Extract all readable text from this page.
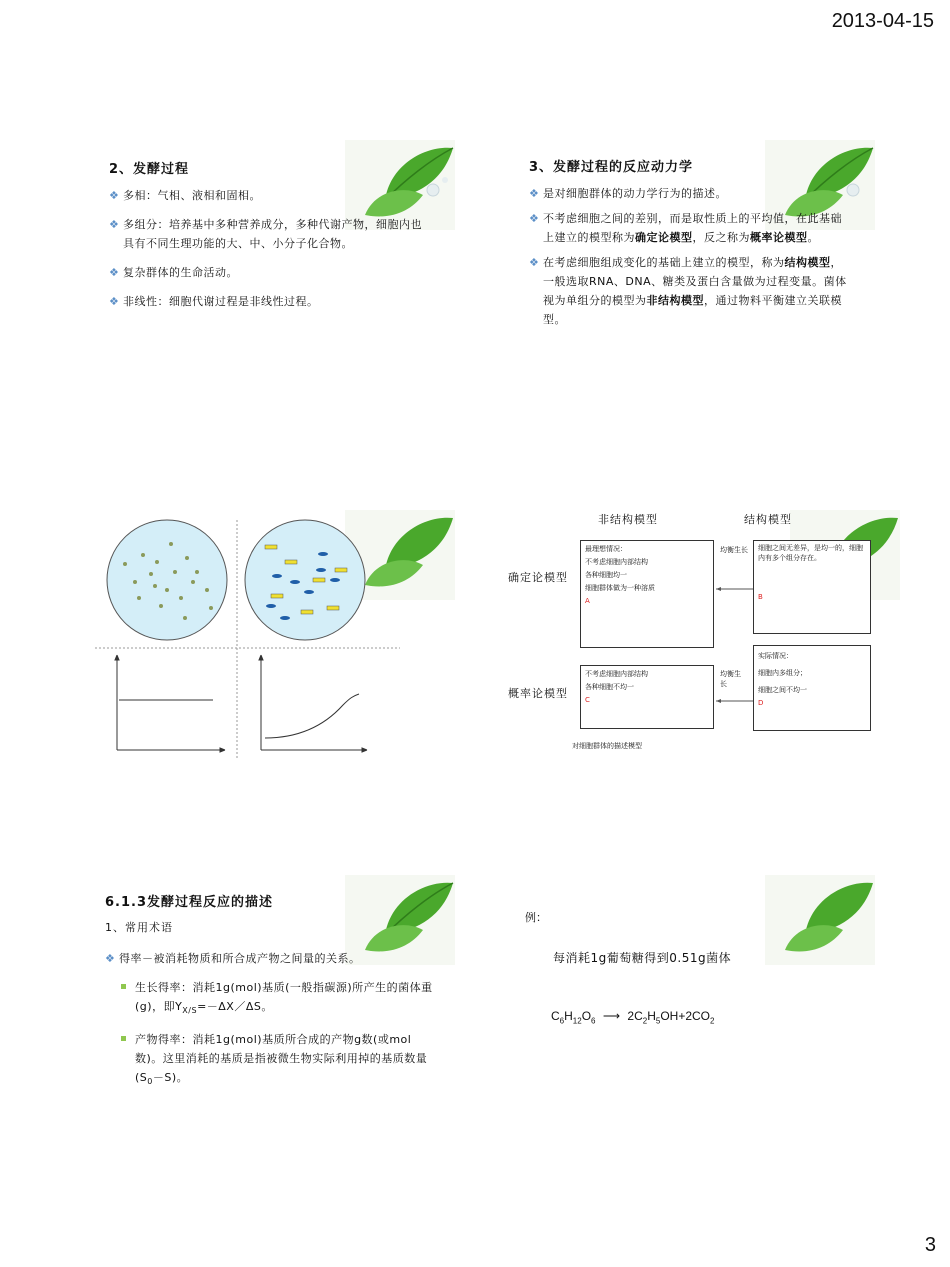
2013-04-15
3
2、发酵过程
❖ 多相：气相、液相和固相。
❖ 多组分：培养基中多种营养成分，多种代谢产物，细胞内也具有不同生理功能的大、中、小分子化合物。
❖ 复杂群体的生命活动。
❖ 非线性：细胞代谢过程是非线性过程。
3、发酵过程的反应动力学
❖ 是对细胞群体的动力学行为的描述。
❖ 不考虑细胞之间的差别，而是取性质上的平均值，在此基础上建立的模型称为确定论模型，反之称为概率论模型。
❖ 在考虑细胞组成变化的基础上建立的模型，称为结构模型，一般选取RNA、DNA、糖类及蛋白含量做为过程变量。菌体视为单组分的模型为非结构模型，通过物料平衡建立关联模型。
非结构模型	结构模型
确定论模型
概率论模型
最理想情况：
不考虑细胞内部结构
各种细胞均一
细胞群体做为一种溶质
A
细胞之间无差异，是均一的，细胞内有多个组分存在。
B
不考虑细胞内部结构
各种细胞不均一
C
实际情况：
细胞内多组分；
细胞之间不均一
D
均衡生长
均衡生长
对细胞群体的描述模型
6.1.3发酵过程反应的描述
1、常用术语
❖ 得率－被消耗物质和所合成产物之间量的关系。
生长得率：消耗1g(mol)基质(一般指碳源)所产生的菌体重(g)，即$Y_{X/S}=-\Delta X/\Delta S$。
产物得率：消耗1g(mol)基质所合成的产物g数(或mol数)。这里消耗的基质是指被微生物实际利用掉的基质数量$(S_0-S)$。
例：
每消耗1g葡萄糖得到0.51g菌体
$C_6H_{12}O_6$ ⟶ $2C_2H_5OH+2CO_2$
